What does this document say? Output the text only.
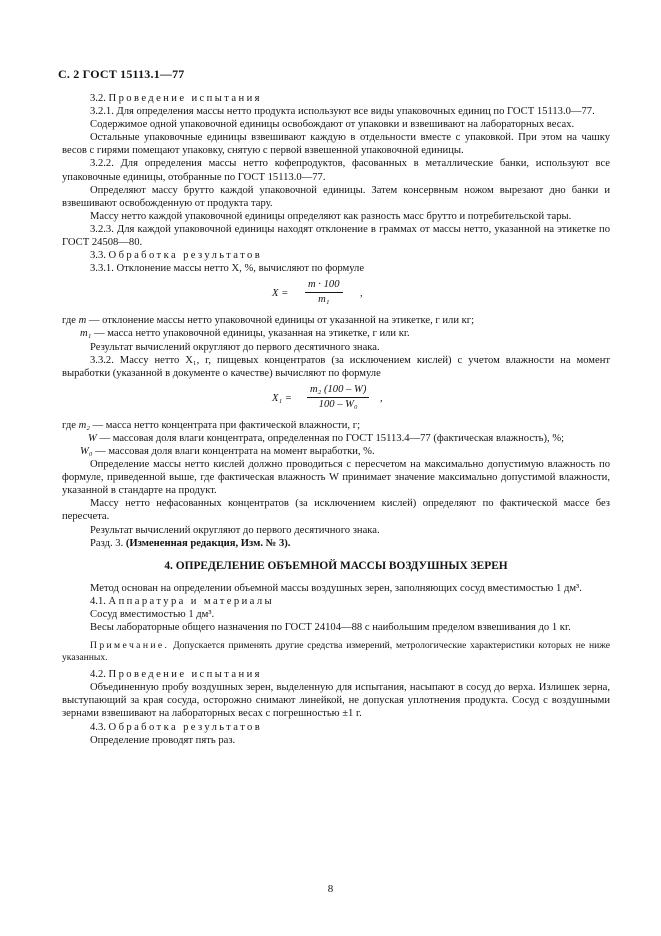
С. 2 ГОСТ 15113.1—77

3.2. Проведение испытания

3.2.1. Для определения массы нетто продукта используют все виды упаковочных единиц по ГОСТ 15113.0—77.

Содержимое одной упаковочной единицы освобождают от упаковки и взвешивают на лабораторных весах.

Остальные упаковочные единицы взвешивают каждую в отдельности вместе с упаковкой. При этом на чашку весов с гирями помещают упаковку, снятую с первой взвешенной упаковочной единицы.

3.2.2. Для определения массы нетто кофепродуктов, фасованных в металлические банки, используют все упаковочные единицы, отобранные по ГОСТ 15113.0—77.

Определяют массу брутто каждой упаковочной единицы. Затем консервным ножом вырезают дно банки и взвешивают освобожденную от продукта тару.

Массу нетто каждой упаковочной единицы определяют как разность масс брутто и потребительской тары.

3.2.3. Для каждой упаковочной единицы находят отклонение в граммах от массы нетто, указанной на этикетке по ГОСТ 24508—80.

3.3. Обработка результатов

3.3.1. Отклонение массы нетто X, %, вычисляют по формуле

$X = \frac{m \cdot 100}{\text{m₁}}$ ,

где m — отклонение массы нетто упаковочной единицы от указанной на этикетке, г или кг;

m₁ — масса нетто упаковочной единицы, указанная на этикетке, г или кг.

Результат вычислений округляют до первого десятичного знака.

3.3.2. Массу нетто X₁, г, пищевых концентратов (за исключением кислей) с учетом влажности на момент выработки (указанной в документе о качестве) вычисляют по формуле

$X_1 = \frac{\text{m₂ (100 – W)}}{\text{100 – W₀}}$ ,

где m₂ — масса нетто концентрата при фактической влажности, г;

W — массовая доля влаги концентрата, определенная по ГОСТ 15113.4—77 (фактическая влажность), %;

W₀ — массовая доля влаги концентрата на момент выработки, %.

Определение массы нетто кислей должно проводиться с пересчетом на максимально допустимую влажность по формуле, приведенной выше, где фактическая влажность W принимает значение максимально допустимой влажности, указанной в стандарте на продукт.

Массу нетто нефасованных концентратов (за исключением кислей) определяют по фактической массе без пересчета.

Результат вычислений округляют до первого десятичного знака.

Разд. 3. (Измененная редакция, Изм. № 3).

4. ОПРЕДЕЛЕНИЕ ОБЪЕМНОЙ МАССЫ ВОЗДУШНЫХ ЗЕРЕН

Метод основан на определении объемной массы воздушных зерен, заполняющих сосуд вместимостью 1 дм³.

4.1. Аппаратура и материалы

Сосуд вместимостью 1 дм³.

Весы лабораторные общего назначения по ГОСТ 24104—88 с наибольшим пределом взвешивания до 1 кг.

Примечание. Допускается применять другие средства измерений, метрологические характеристики которых не ниже указанных.

4.2. Проведение испытания

Объединенную пробу воздушных зерен, выделенную для испытания, насыпают в сосуд до верха. Излишек зерна, выступающий за края сосуда, осторожно снимают линейкой, не допуская уплотнения продукта. Сосуд с воздушными зернами взвешивают на лабораторных весах с погрешностью ±1 г.

4.3. Обработка результатов

Определение проводят пять раз.

8
